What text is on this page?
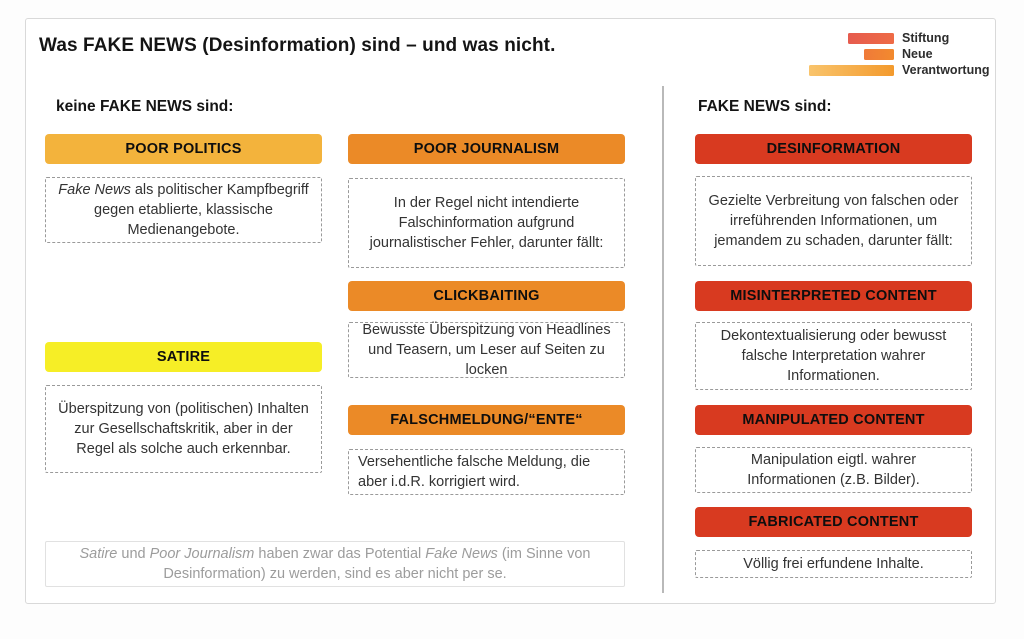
Was FAKE NEWS (Desinformation) sind – und was nicht.	Stiftung
Neue
Verantwortung
keine FAKE NEWS sind:	FAKE NEWS sind:
POOR POLITICS
Fake News als politischer Kampfbegriff gegen etablierte, klassische Medienangebote.
SATIRE
Überspitzung von (politischen) Inhalten zur Gesellschaftskritik, aber in der Regel als solche auch erkennbar.
POOR JOURNALISM
In der Regel nicht intendierte Falschinformation aufgrund journalistischer Fehler, darunter fällt:
CLICKBAITING
Bewusste Überspitzung von Headlines und Teasern, um Leser auf Seiten zu locken
FALSCHMELDUNG/“ENTE“
Versehentliche falsche Meldung, die aber i.d.R. korrigiert wird.
Satire und Poor Journalism haben zwar das Potential Fake News (im Sinne von Desinformation) zu werden, sind es aber nicht per se.
DESINFORMATION
Gezielte Verbreitung von falschen oder irreführenden Informationen, um jemandem zu schaden, darunter fällt:
MISINTERPRETED CONTENT
Dekontextualisierung oder bewusst falsche Interpretation wahrer Informationen.
MANIPULATED CONTENT
Manipulation eigtl. wahrer Informationen (z.B. Bilder).
FABRICATED CONTENT
Völlig frei erfundene Inhalte.
